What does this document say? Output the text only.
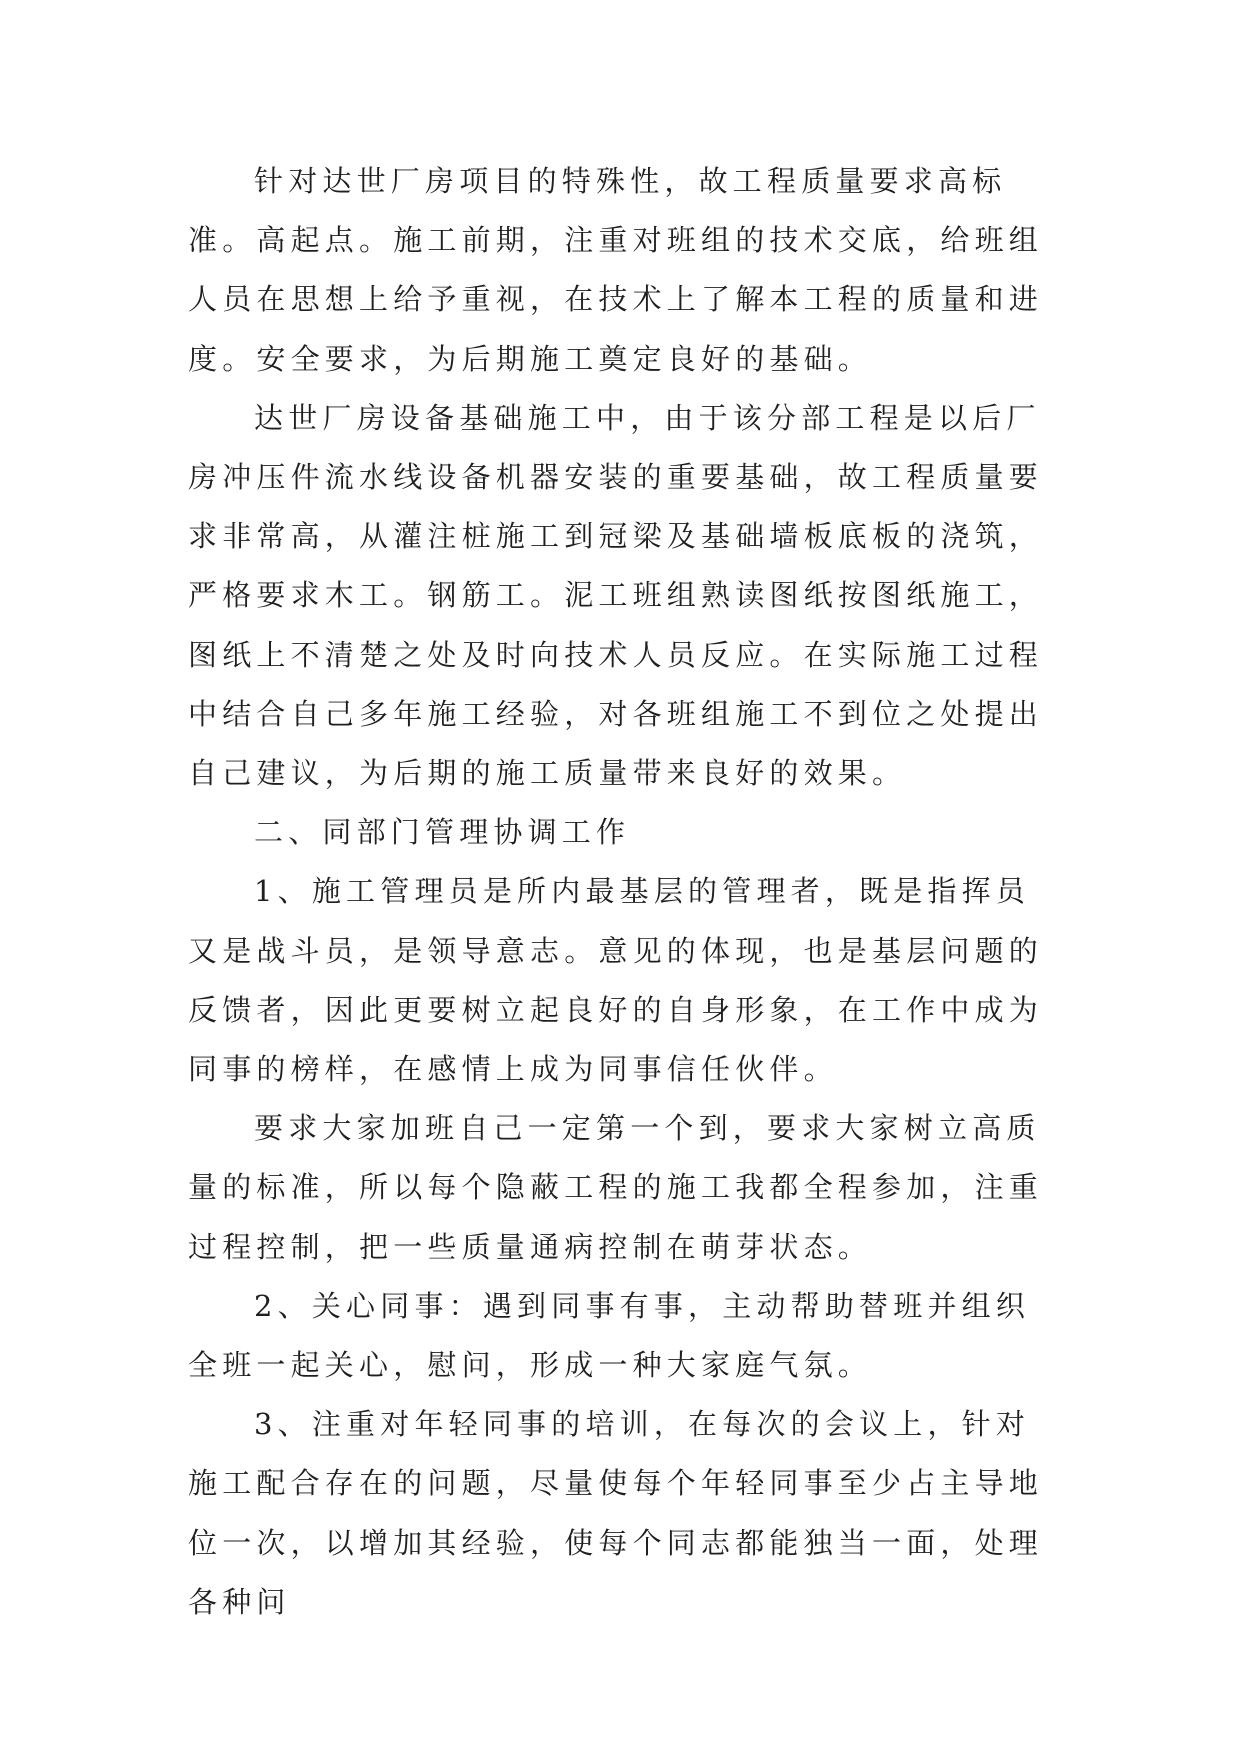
针对达世厂房项目的特殊性，故工程质量要求高标准。高起点。施工前期，注重对班组的技术交底，给班组人员在思想上给予重视，在技术上了解本工程的质量和进度。安全要求，为后期施工奠定良好的基础。

达世厂房设备基础施工中，由于该分部工程是以后厂房冲压件流水线设备机器安装的重要基础，故工程质量要求非常高，从灌注桩施工到冠梁及基础墙板底板的浇筑，严格要求木工。钢筋工。泥工班组熟读图纸按图纸施工，图纸上不清楚之处及时向技术人员反应。在实际施工过程中结合自己多年施工经验，对各班组施工不到位之处提出自己建议，为后期的施工质量带来良好的效果。

二、同部门管理协调工作

1、施工管理员是所内最基层的管理者，既是指挥员又是战斗员，是领导意志。意见的体现，也是基层问题的反馈者，因此更要树立起良好的自身形象，在工作中成为同事的榜样，在感情上成为同事信任伙伴。

要求大家加班自己一定第一个到，要求大家树立高质量的标准，所以每个隐蔽工程的施工我都全程参加，注重过程控制，把一些质量通病控制在萌芽状态。

2、关心同事：遇到同事有事，主动帮助替班并组织全班一起关心，慰问，形成一种大家庭气氛。

3、注重对年轻同事的培训，在每次的会议上，针对施工配合存在的问题，尽量使每个年轻同事至少占主导地位一次，以增加其经验，使每个同志都能独当一面，处理各种问
